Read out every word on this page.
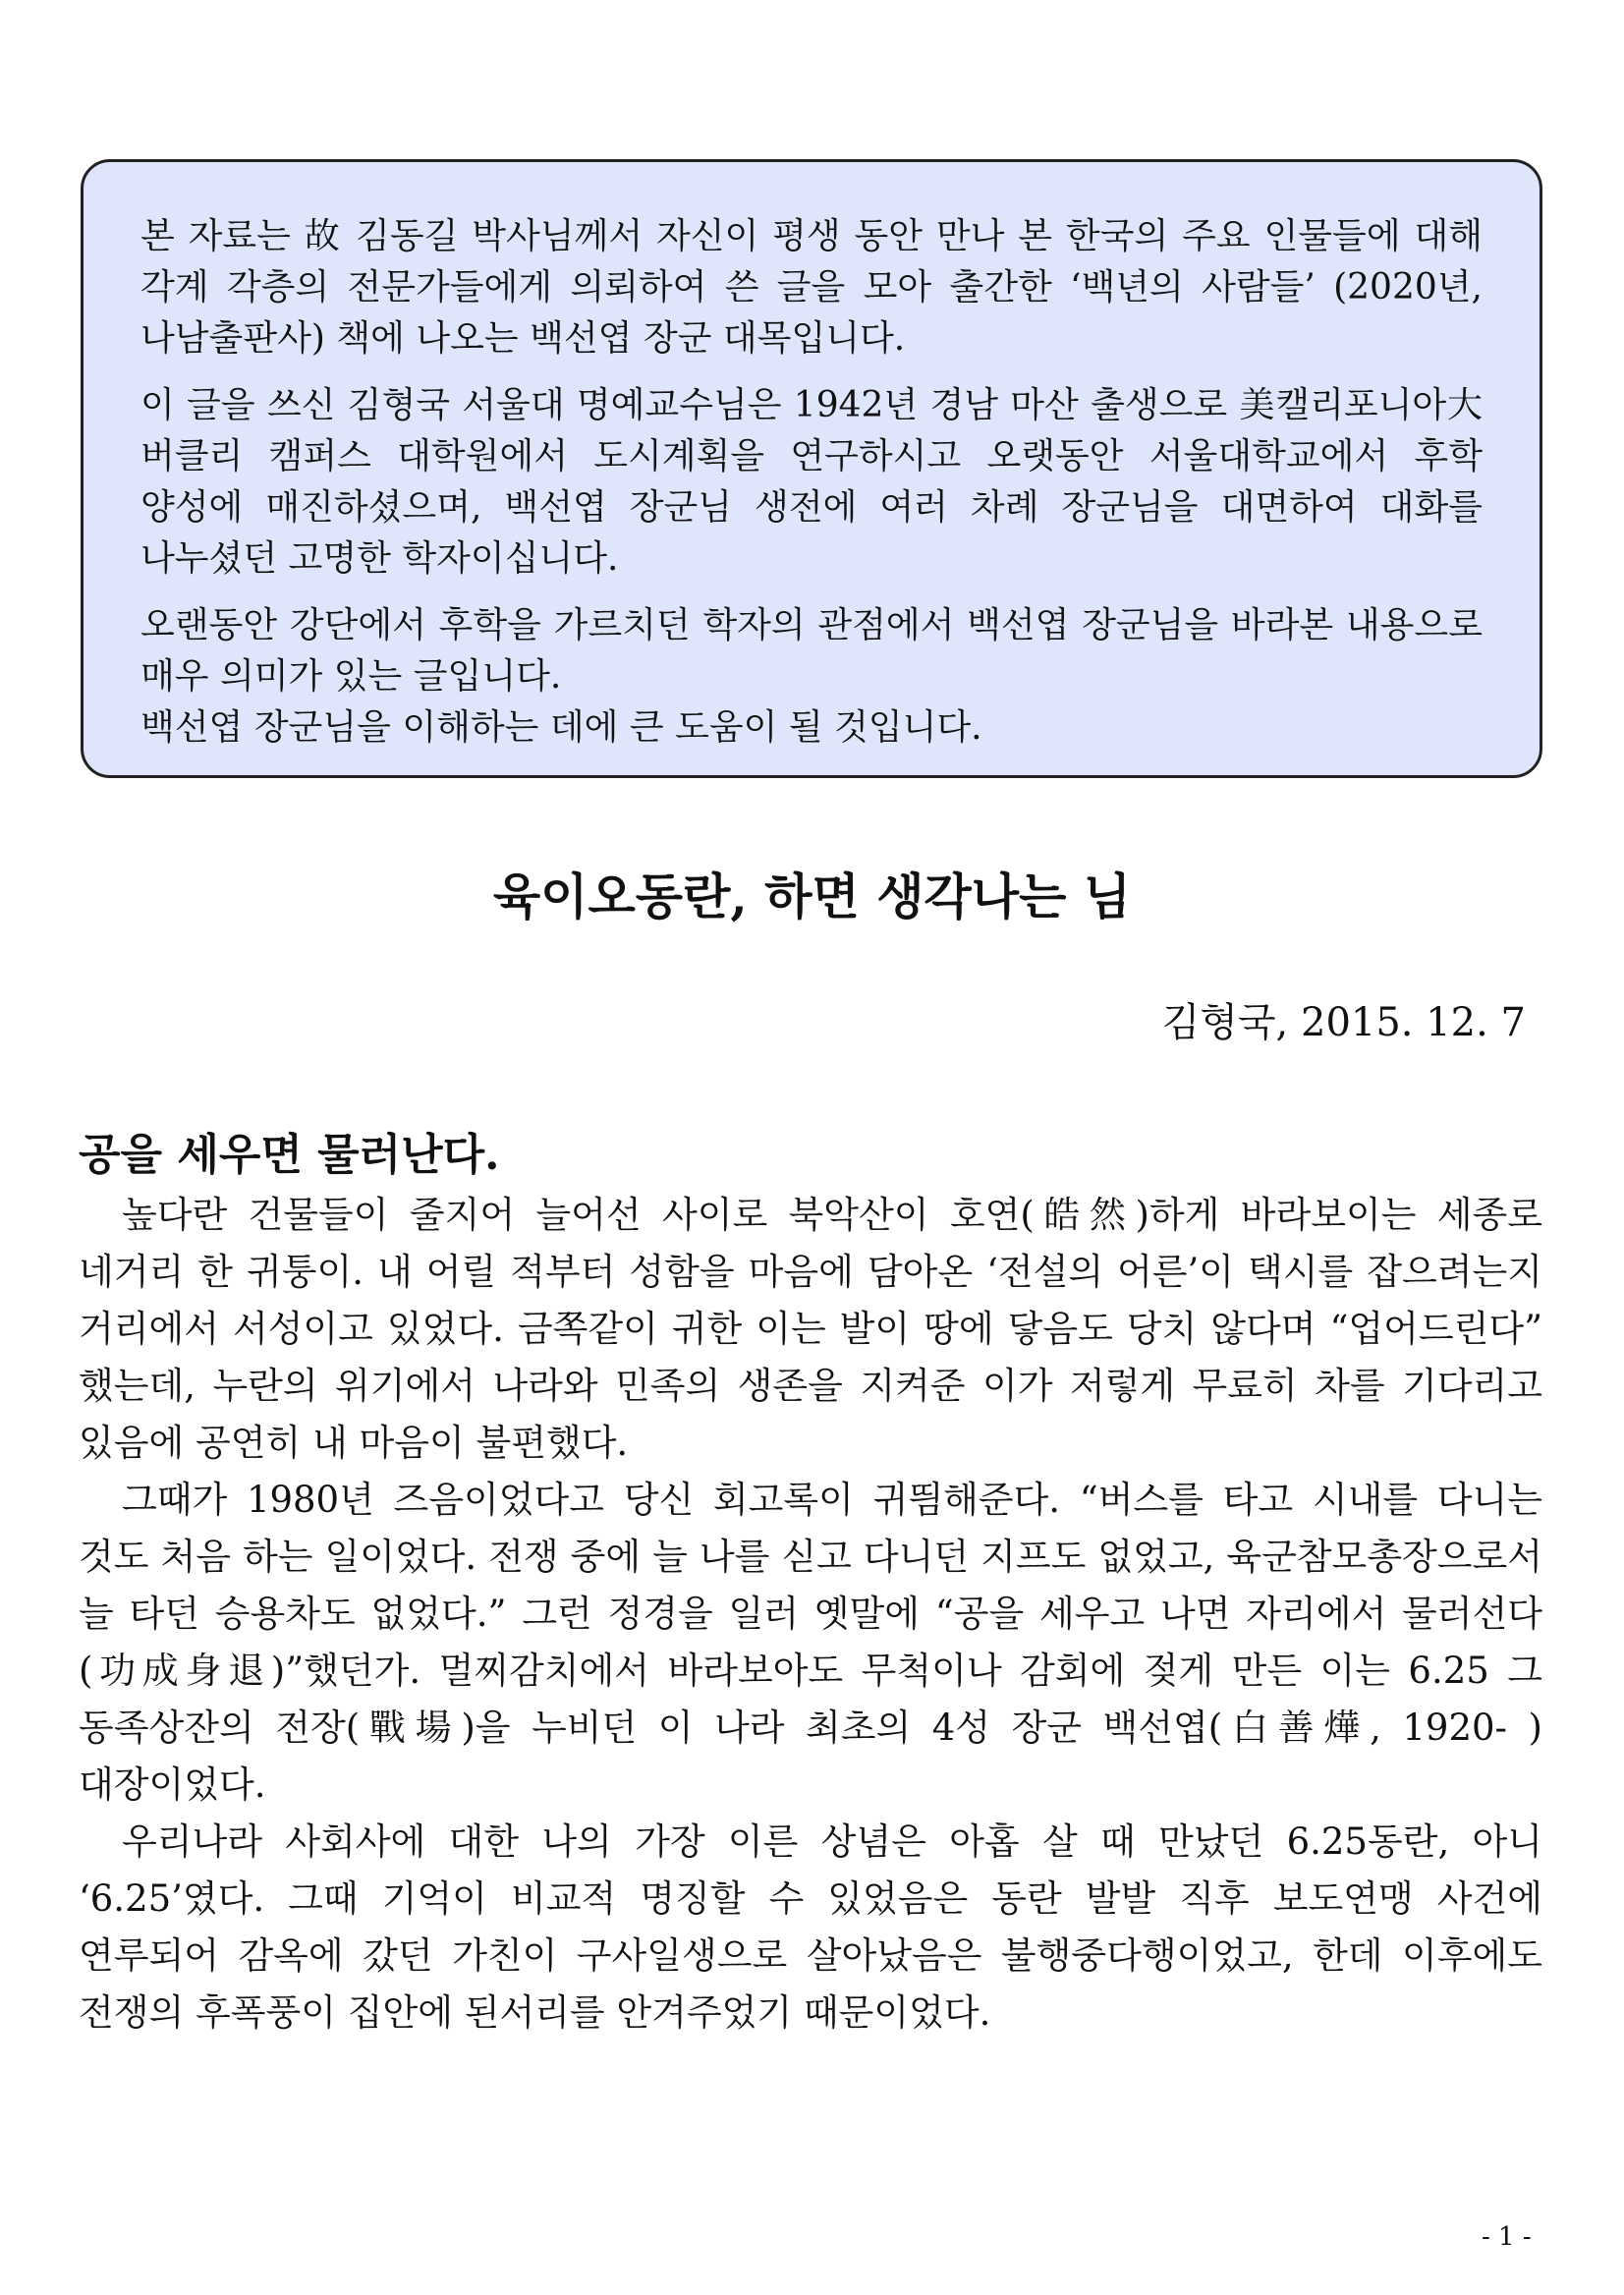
본 자료는 故 김동길 박사님께서 자신이 평생 동안 만나 본 한국의 주요 인물들에 대해 각계 각층의 전문가들에게 의뢰하여 쓴 글을 모아 출간한 ‘백년의 사람들’ (2020년, 나남출판사) 책에 나오는 백선엽 장군 대목입니다.

이 글을 쓰신 김형국 서울대 명예교수님은 1942년 경남 마산 출생으로 美캘리포니아大 버클리 캠퍼스 대학원에서 도시계획을 연구하시고 오랫동안 서울대학교에서 후학 양성에 매진하셨으며, 백선엽 장군님 생전에 여러 차례 장군님을 대면하여 대화를 나누셨던 고명한 학자이십니다.

오랜동안 강단에서 후학을 가르치던 학자의 관점에서 백선엽 장군님을 바라본 내용으로 매우 의미가 있는 글입니다.

백선엽 장군님을 이해하는 데에 큰 도움이 될 것입니다.

육이오동란, 하면 생각나는 님

김형국, 2015. 12. 7

공을 세우면 물러난다.

높다란 건물들이 줄지어 늘어선 사이로 북악산이 호연(皓然)하게 바라보이는 세종로 네거리 한 귀퉁이. 내 어릴 적부터 성함을 마음에 담아온 ‘전설의 어른’이 택시를 잡으려는지 거리에서 서성이고 있었다. 금쪽같이 귀한 이는 발이 땅에 닿음도 당치 않다며 “업어드린다” 했는데, 누란의 위기에서 나라와 민족의 생존을 지켜준 이가 저렇게 무료히 차를 기다리고 있음에 공연히 내 마음이 불편했다.

그때가 1980년 즈음이었다고 당신 회고록이 귀띔해준다. “버스를 타고 시내를 다니는 것도 처음 하는 일이었다. 전쟁 중에 늘 나를 싣고 다니던 지프도 없었고, 육군참모총장으로서 늘 타던 승용차도 없었다.” 그런 정경을 일러 옛말에 “공을 세우고 나면 자리에서 물러선다(功成身退)”했던가. 멀찌감치에서 바라보아도 무척이나 감회에 젖게 만든 이는 6.25 그 동족상잔의 전장(戰場)을 누비던 이 나라 최초의 4성 장군 백선엽(白善燁, 1920- )대장이었다.

우리나라 사회사에 대한 나의 가장 이른 상념은 아홉 살 때 만났던 6.25동란, 아니 ‘6.25’였다. 그때 기억이 비교적 명징할 수 있었음은 동란 발발 직후 보도연맹 사건에 연루되어 감옥에 갔던 가친이 구사일생으로 살아났음은 불행중다행이었고, 한데 이후에도 전쟁의 후폭풍이 집안에 된서리를 안겨주었기 때문이었다.

- 1 -
